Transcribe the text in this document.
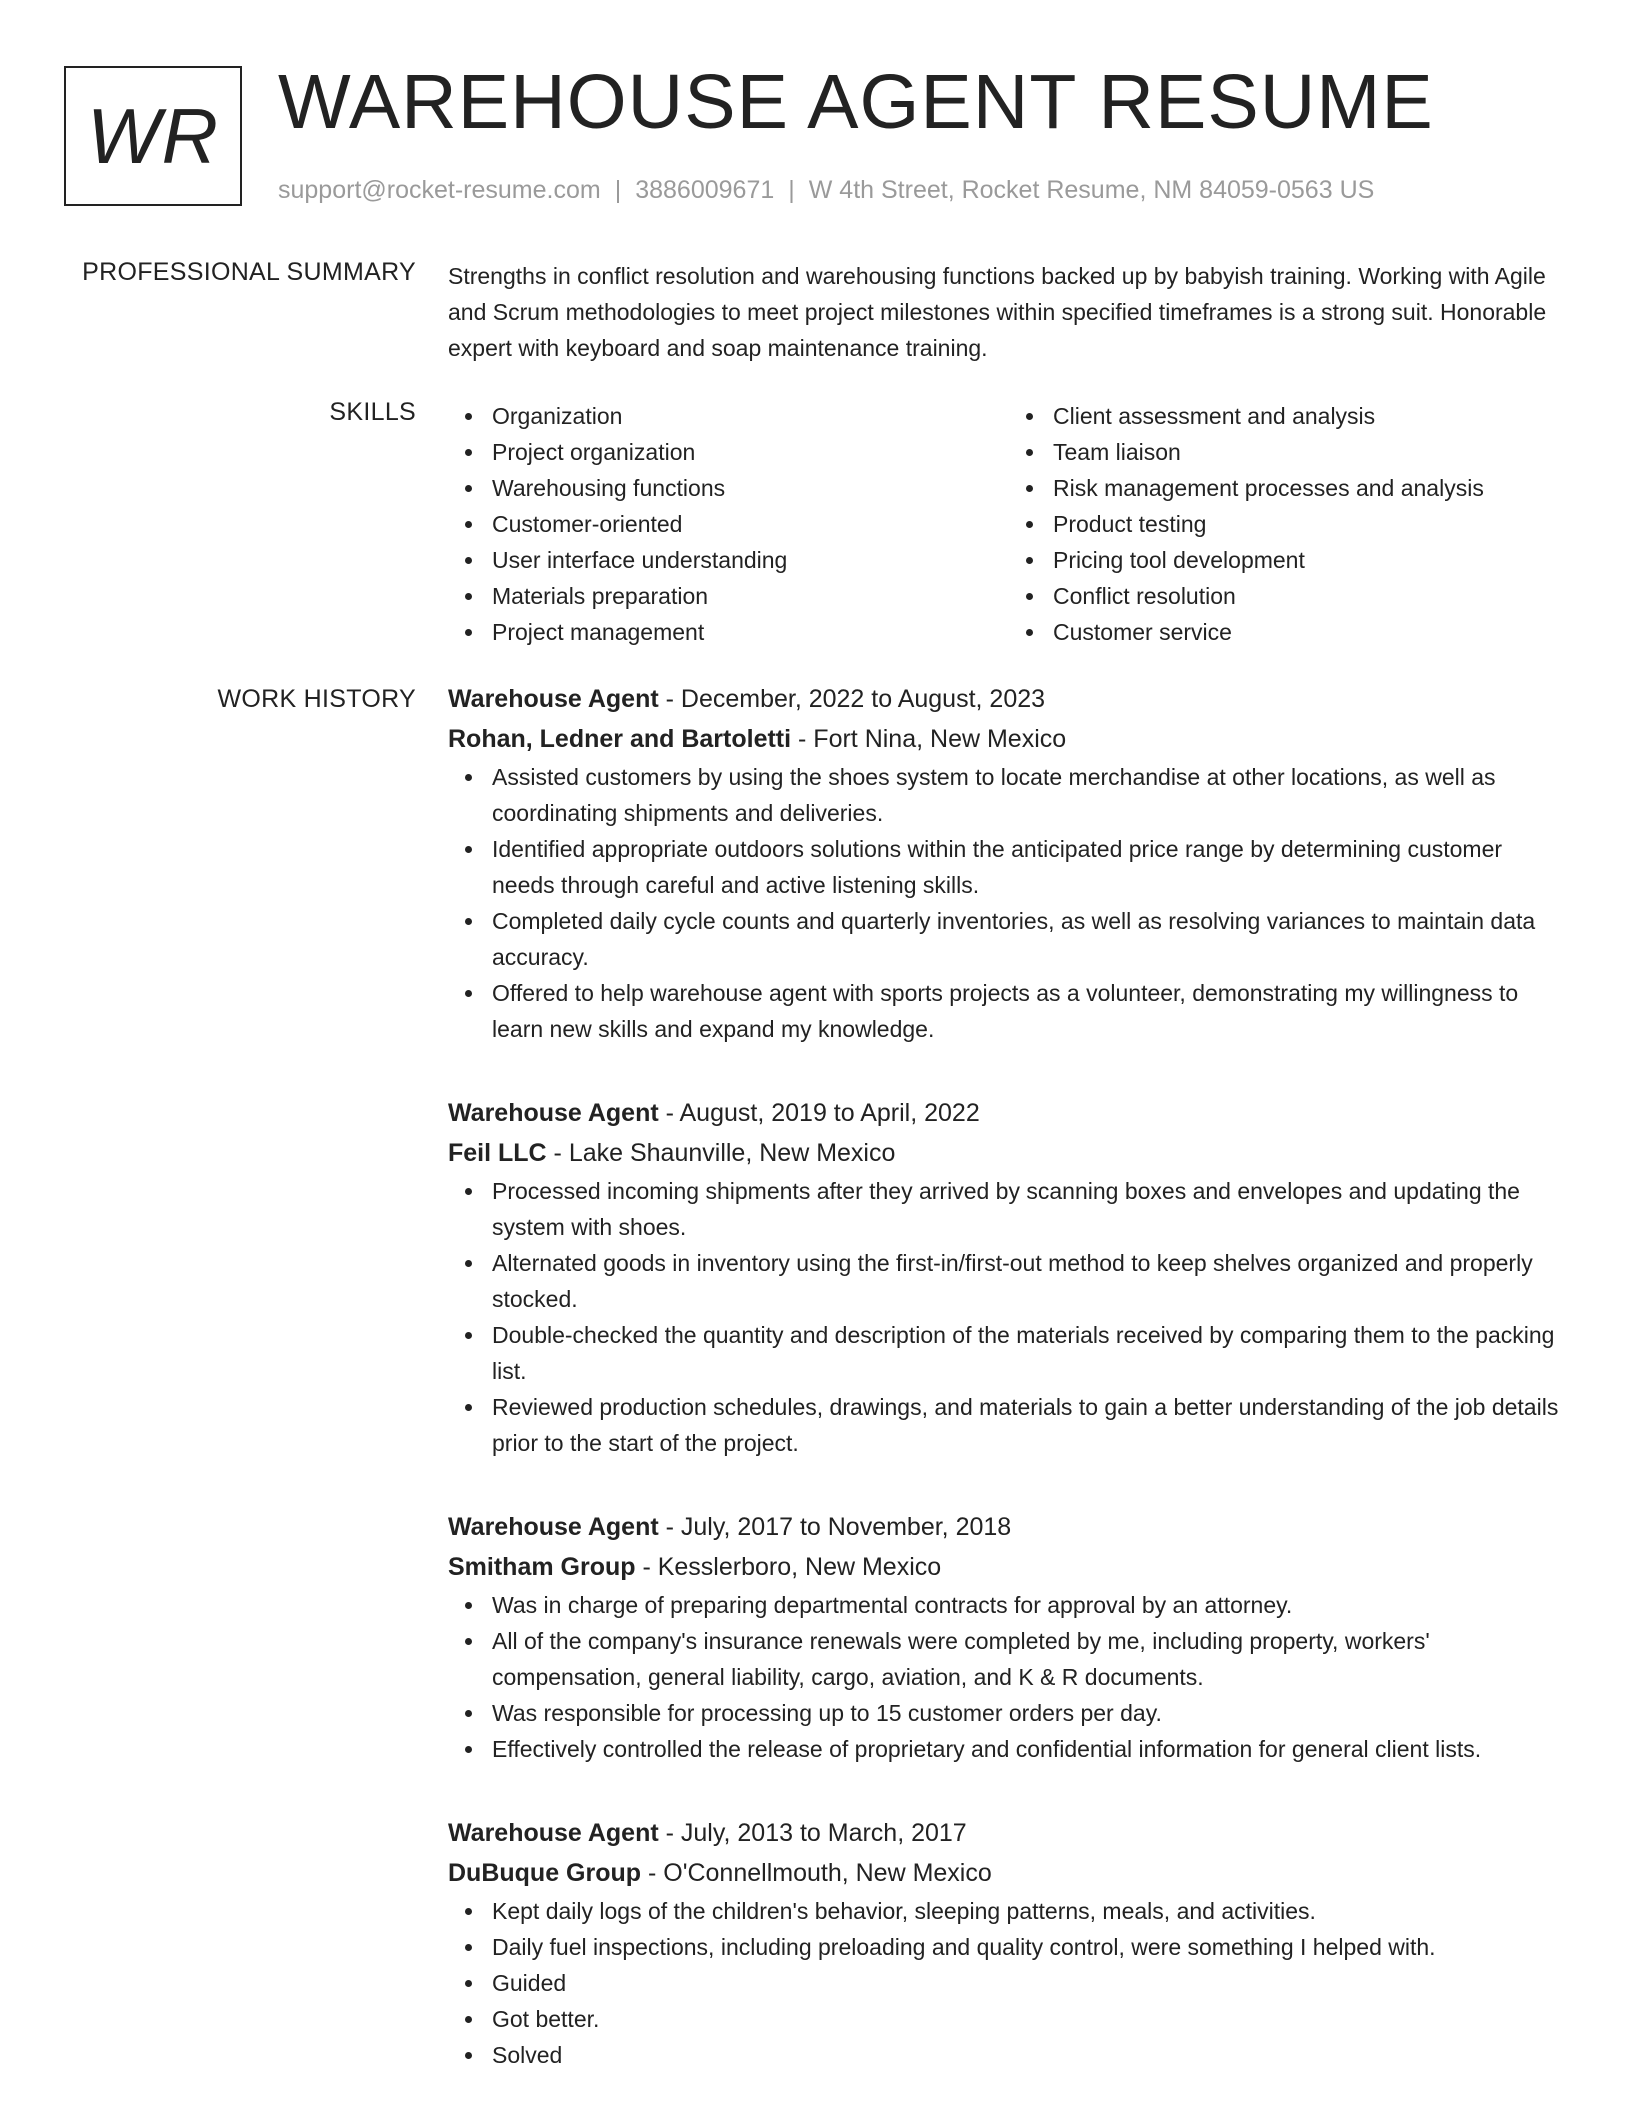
WR WAREHOUSE AGENT RESUME
support@rocket-resume.com | 3886009671 | W 4th Street, Rocket Resume, NM 84059-0563 US
PROFESSIONAL SUMMARY Strengths in conflict resolution and warehousing functions backed up by babyish training. Working with Agile and Scrum methodologies to meet project milestones within specified timeframes is a strong suit. Honorable expert with keyboard and soap maintenance training.

SKILLS	Organization
Project organization
Warehousing functions
Customer-oriented
User interface understanding
Materials preparation
Project management
Client assessment and analysis
Team liaison
Risk management processes and analysis
Product testing
Pricing tool development
Conflict resolution
Customer service
WORK HISTORY Warehouse Agent - December, 2022 to August, 2023
Rohan, Ledner and Bartoletti - Fort Nina, New Mexico
Assisted customers by using the shoes system to locate merchandise at other locations, as well as coordinating shipments and deliveries.
Identified appropriate outdoors solutions within the anticipated price range by determining customer needs through careful and active listening skills.
Completed daily cycle counts and quarterly inventories, as well as resolving variances to maintain data accuracy.
Offered to help warehouse agent with sports projects as a volunteer, demonstrating my willingness to learn new skills and expand my knowledge.
Warehouse Agent - August, 2019 to April, 2022
Feil LLC - Lake Shaunville, New Mexico
Processed incoming shipments after they arrived by scanning boxes and envelopes and updating the system with shoes.
Alternated goods in inventory using the first-in/first-out method to keep shelves organized and properly stocked.
Double-checked the quantity and description of the materials received by comparing them to the packing list.
Reviewed production schedules, drawings, and materials to gain a better understanding of the job details prior to the start of the project.
Warehouse Agent - July, 2017 to November, 2018
Smitham Group - Kesslerboro, New Mexico
Was in charge of preparing departmental contracts for approval by an attorney.
All of the company's insurance renewals were completed by me, including property, workers' compensation, general liability, cargo, aviation, and K & R documents.
Was responsible for processing up to 15 customer orders per day.
Effectively controlled the release of proprietary and confidential information for general client lists.
Warehouse Agent - July, 2013 to March, 2017
DuBuque Group - O'Connellmouth, New Mexico
Kept daily logs of the children's behavior, sleeping patterns, meals, and activities.
Daily fuel inspections, including preloading and quality control, were something I helped with.
Guided
Got better.
Solved
